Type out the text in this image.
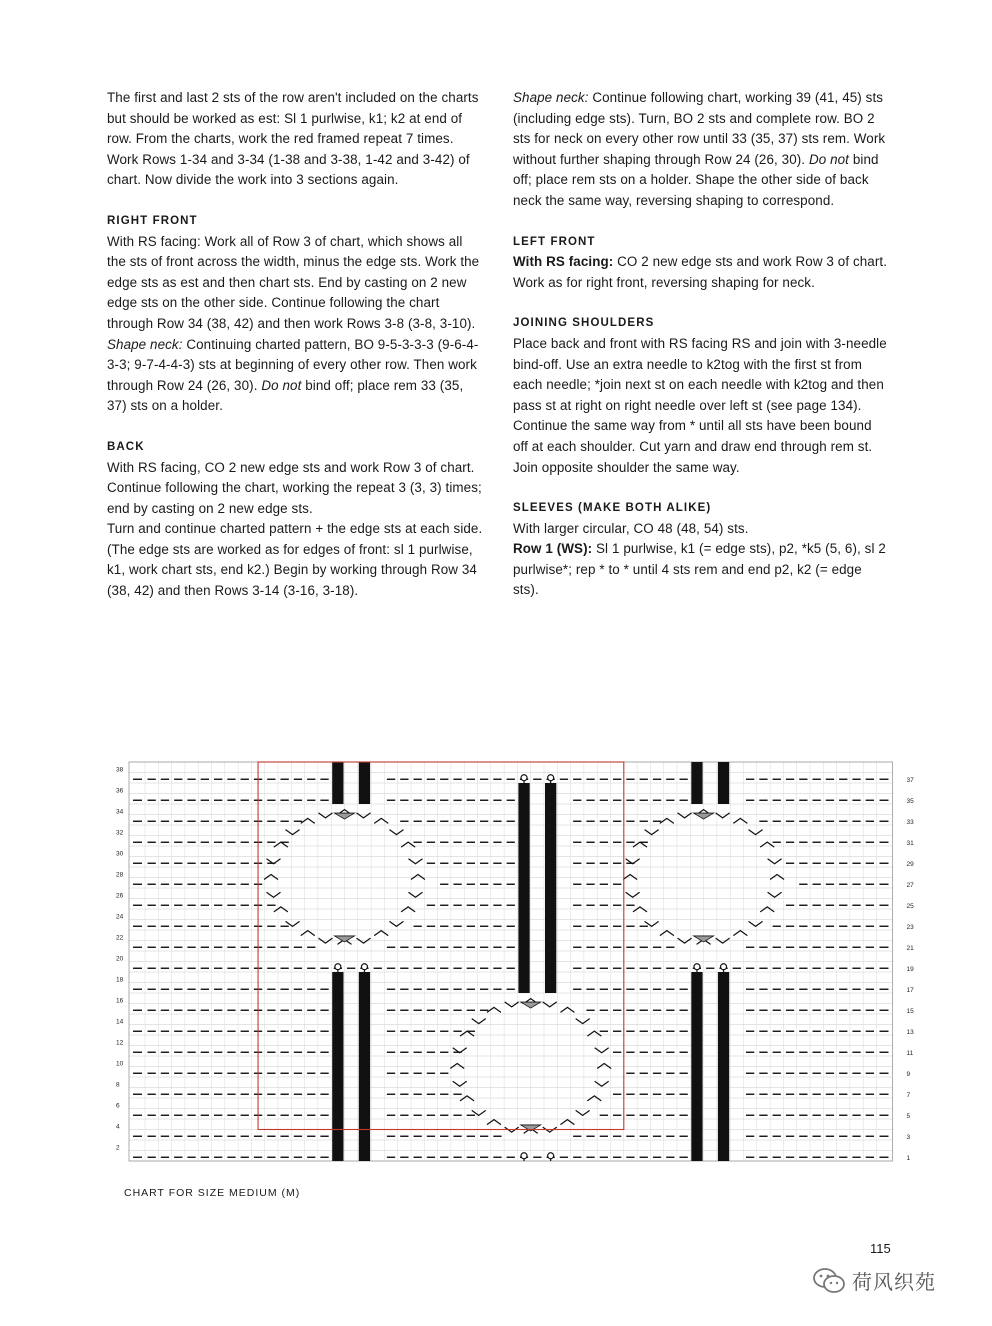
The first and last 2 sts of the row aren't included on the charts but should be worked as est: Sl 1 purlwise, k1; k2 at end of row. From the charts, work the red framed repeat 7 times. Work Rows 1-34 and 3-34 (1-38 and 3-38, 1-42 and 3-42) of chart. Now divide the work into 3 sections again.

RIGHT FRONT

With RS facing: Work all of Row 3 of chart, which shows all the sts of front across the width, minus the edge sts. Work the edge sts as est and then chart sts. End by casting on 2 new edge sts on the other side. Continue following the chart through Row 34 (38, 42) and then work Rows 3-8 (3-8, 3-10).

Shape neck: Continuing charted pattern, BO 9-5-3-3-3 (9-6-4-3-3; 9-7-4-4-3) sts at beginning of every other row. Then work through Row 24 (26, 30). Do not bind off; place rem 33 (35, 37) sts on a holder.

BACK

With RS facing, CO 2 new edge sts and work Row 3 of chart. Continue following the chart, working the repeat 3 (3, 3) times; end by casting on 2 new edge sts.

Turn and continue charted pattern + the edge sts at each side. (The edge sts are worked as for edges of front: sl 1 purlwise, k1, work chart sts, end k2.) Begin by working through Row 34 (38, 42) and then Rows 3-14 (3-16, 3-18).

Shape neck: Continue following chart, working 39 (41, 45) sts (including edge sts). Turn, BO 2 sts and complete row. BO 2 sts for neck on every other row until 33 (35, 37) sts rem. Work without further shaping through Row 24 (26, 30). Do not bind off; place rem sts on a holder. Shape the other side of back neck the same way, reversing shaping to correspond.

LEFT FRONT

With RS facing: CO 2 new edge sts and work Row 3 of chart. Work as for right front, reversing shaping for neck.

JOINING SHOULDERS

Place back and front with RS facing RS and join with 3-needle bind-off. Use an extra needle to k2tog with the first st from each needle; *join next st on each needle with k2tog and then pass st at right on right needle over left st (see page 134). Continue the same way from * until all sts have been bound off at each shoulder. Cut yarn and draw end through rem st. Join opposite shoulder the same way.

SLEEVES (MAKE BOTH ALIKE)

With larger circular, CO 48 (48, 54) sts.

Row 1 (WS): Sl 1 purlwise, k1 (= edge sts), p2, *k5 (5, 6), sl 2 purlwise*; rep * to * until 4 sts rem and end p2, k2 (= edge sts).

38
36
34
32
30
28
26
24
22
20
18
16
14
12
10
8
6
4
2
37
35
33
31
29
27
25
23
21
19
17
15
13
11
9
7
5
3
1
CHART FOR SIZE MEDIUM (M)
115
荷风织苑
